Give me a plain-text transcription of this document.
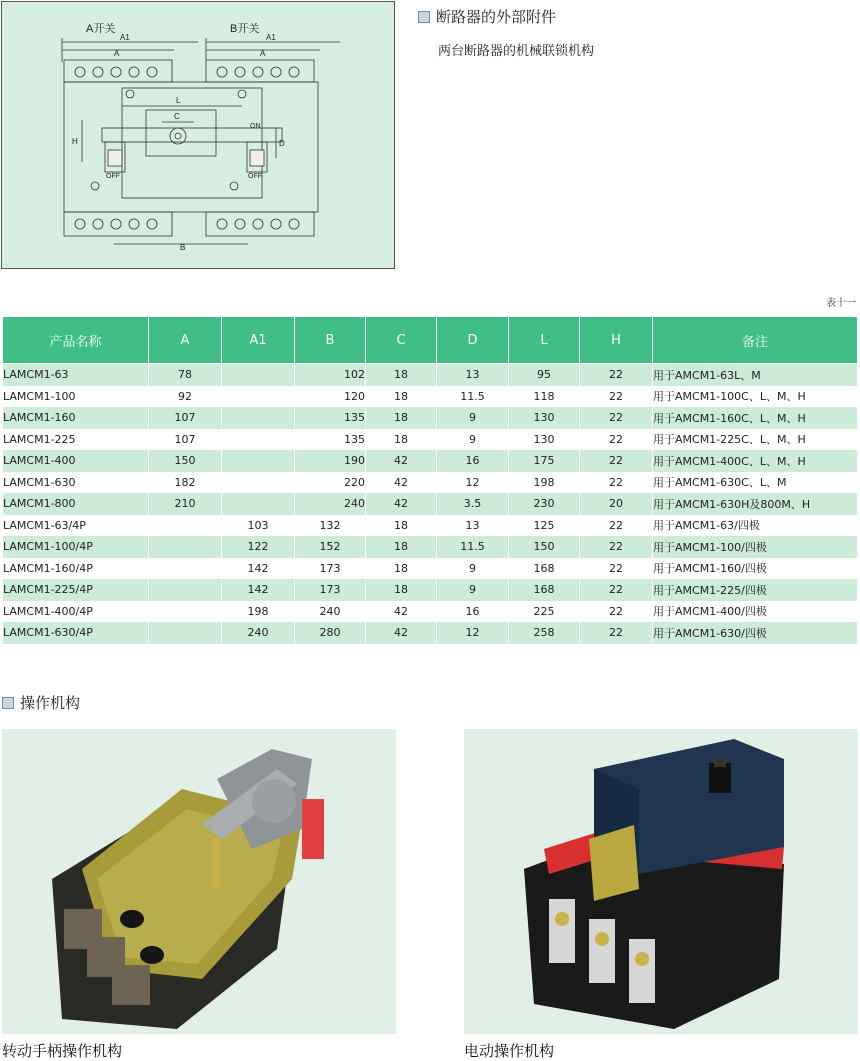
A开关	B开关
A1
A
A1
A
L
C
H	D
ON
OFF	OFF
B
断路器的外部附件
两台断路器的机械联锁机构
表十一
产品名称	A	A1	B	C	D	L	H	备注
LAMCM1-63	78		102	18	13	95	22	用于AMCM1-63L、M
LAMCM1-100	92		120	18	11.5	118	22	用于AMCM1-100C、L、M、H
LAMCM1-160	107		135	18	9	130	22	用于AMCM1-160C、L、M、H
LAMCM1-225	107		135	18	9	130	22	用于AMCM1-225C、L、M、H
LAMCM1-400	150		190	42	16	175	22	用于AMCM1-400C、L、M、H
LAMCM1-630	182		220	42	12	198	22	用于AMCM1-630C、L、M
LAMCM1-800	210		240	42	3.5	230	20	用于AMCM1-630H及800M、H
LAMCM1-63/4P		103	132	18	13	125	22	用于AMCM1-63/四极
LAMCM1-100/4P		122	152	18	11.5	150	22	用于AMCM1-100/四极
LAMCM1-160/4P		142	173	18	9	168	22	用于AMCM1-160/四极
LAMCM1-225/4P		142	173	18	9	168	22	用于AMCM1-225/四极
LAMCM1-400/4P		198	240	42	16	225	22	用于AMCM1-400/四极
LAMCM1-630/4P		240	280	42	12	258	22	用于AMCM1-630/四极
操作机构
转动手柄操作机构	电动操作机构
